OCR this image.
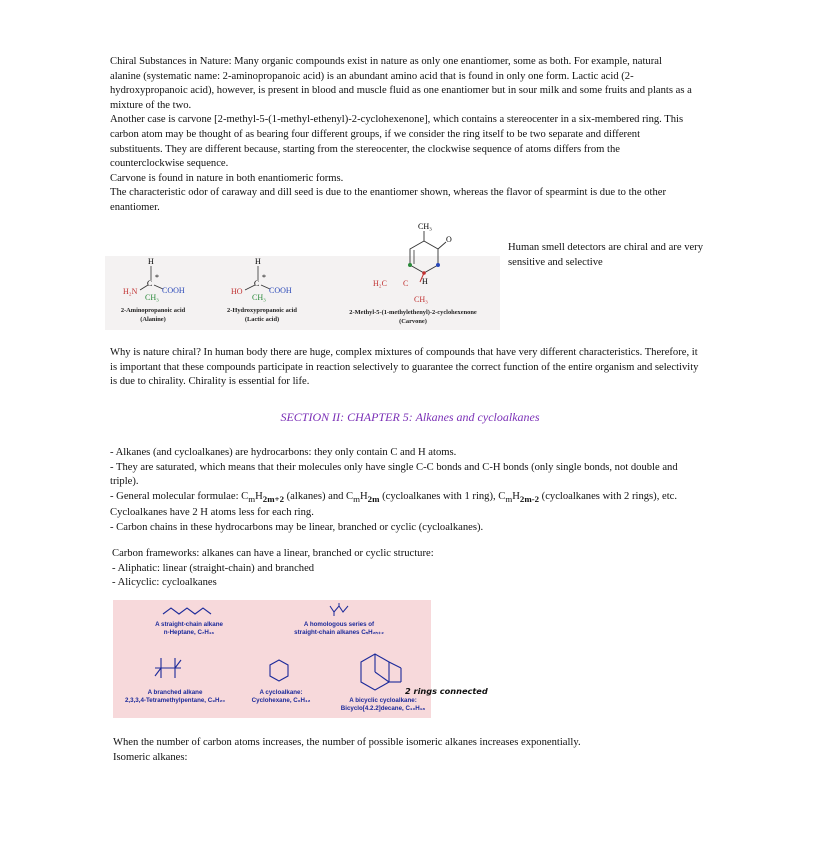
Chiral Substances in Nature: Many organic compounds exist in nature as only one enantiomer, some as both. For example, natural alanine (systematic name: 2-aminopropanoic acid) is an abundant amino acid that is found in only one form. Lactic acid (2-hydroxypropanoic acid), however, is present in blood and muscle fluid as one enantiomer but in sour milk and some fruits and plants as a mixture of the two.

Another case is carvone [2-methyl-5-(1-methyl-ethenyl)-2-cyclohexenone], which contains a stereocenter in a six-membered ring. This carbon atom may be thought of as bearing four different groups, if we consider the ring itself to be two separate and different substituents. They are different because, starting from the stereocenter, the clockwise sequence of atoms differs from the counterclockwise sequence.

Carvone is found in nature in both enantiomeric forms.

The characteristic odor of caraway and dill seed is due to the enantiomer shown, whereas the flavor of spearmint is due to the other enantiomer.

H
C
*
H₂N	COOH
CH₃
2-Aminopropanoic acid
(Alanine)
H
C
*
HO	COOH
CH₃
2-Hydroxypropanoic acid
(Lactic acid)
CH₃
O
H₂C C H
CH₃
2-Methyl-5-(1-methylethenyl)-2-cyclohexenone
(Carvone)
Human smell detectors are chiral and are very sensitive and selective
Why is nature chiral? In human body there are huge, complex mixtures of compounds that have very different characteristics. Therefore, it is important that these compounds participate in reaction selectively to guarantee the correct function of the entire organism and selectivity is due to chirality. Chirality is essential for life.
SECTION II: CHAPTER 5: Alkanes and cycloalkanes

- Alkanes (and cycloalkanes) are hydrocarbons: they only contain C and H atoms.

- They are saturated, which means that their molecules only have single C-C bonds and C-H bonds (only single bonds, not double and triple).

- General molecular formulae: $C_mH_{2m+2}$ (alkanes) and $C_mH_{2m}$ (cycloalkanes with 1 ring), $C_mH_{2m-2}$ (cycloalkanes with 2 rings), etc. Cycloalkanes have 2 H atoms less for each ring.

- Carbon chains in these hydrocarbons may be linear, branched or cyclic (cycloalkanes).

Carbon frameworks: alkanes can have a linear, branched or cyclic structure:

- Aliphatic: linear (straight-chain) and branched

- Alicyclic: cycloalkanes

A straight-chain alkane
n-Heptane, C₇H₁₆
A homologous series of
straight-chain alkanes CₙH₂ₙ₊₂
A branched alkane
2,3,3,4-Tetramethylpentane, C₉H₂₀
A cycloalkane:
Cyclohexane, C₆H₁₂	A bicyclic cycloalkane:
Bicyclo[4.2.2]decane, C₁₀H₁₈
2 rings connected

When the number of carbon atoms increases, the number of possible isomeric alkanes increases exponentially.

Isomeric alkanes:
